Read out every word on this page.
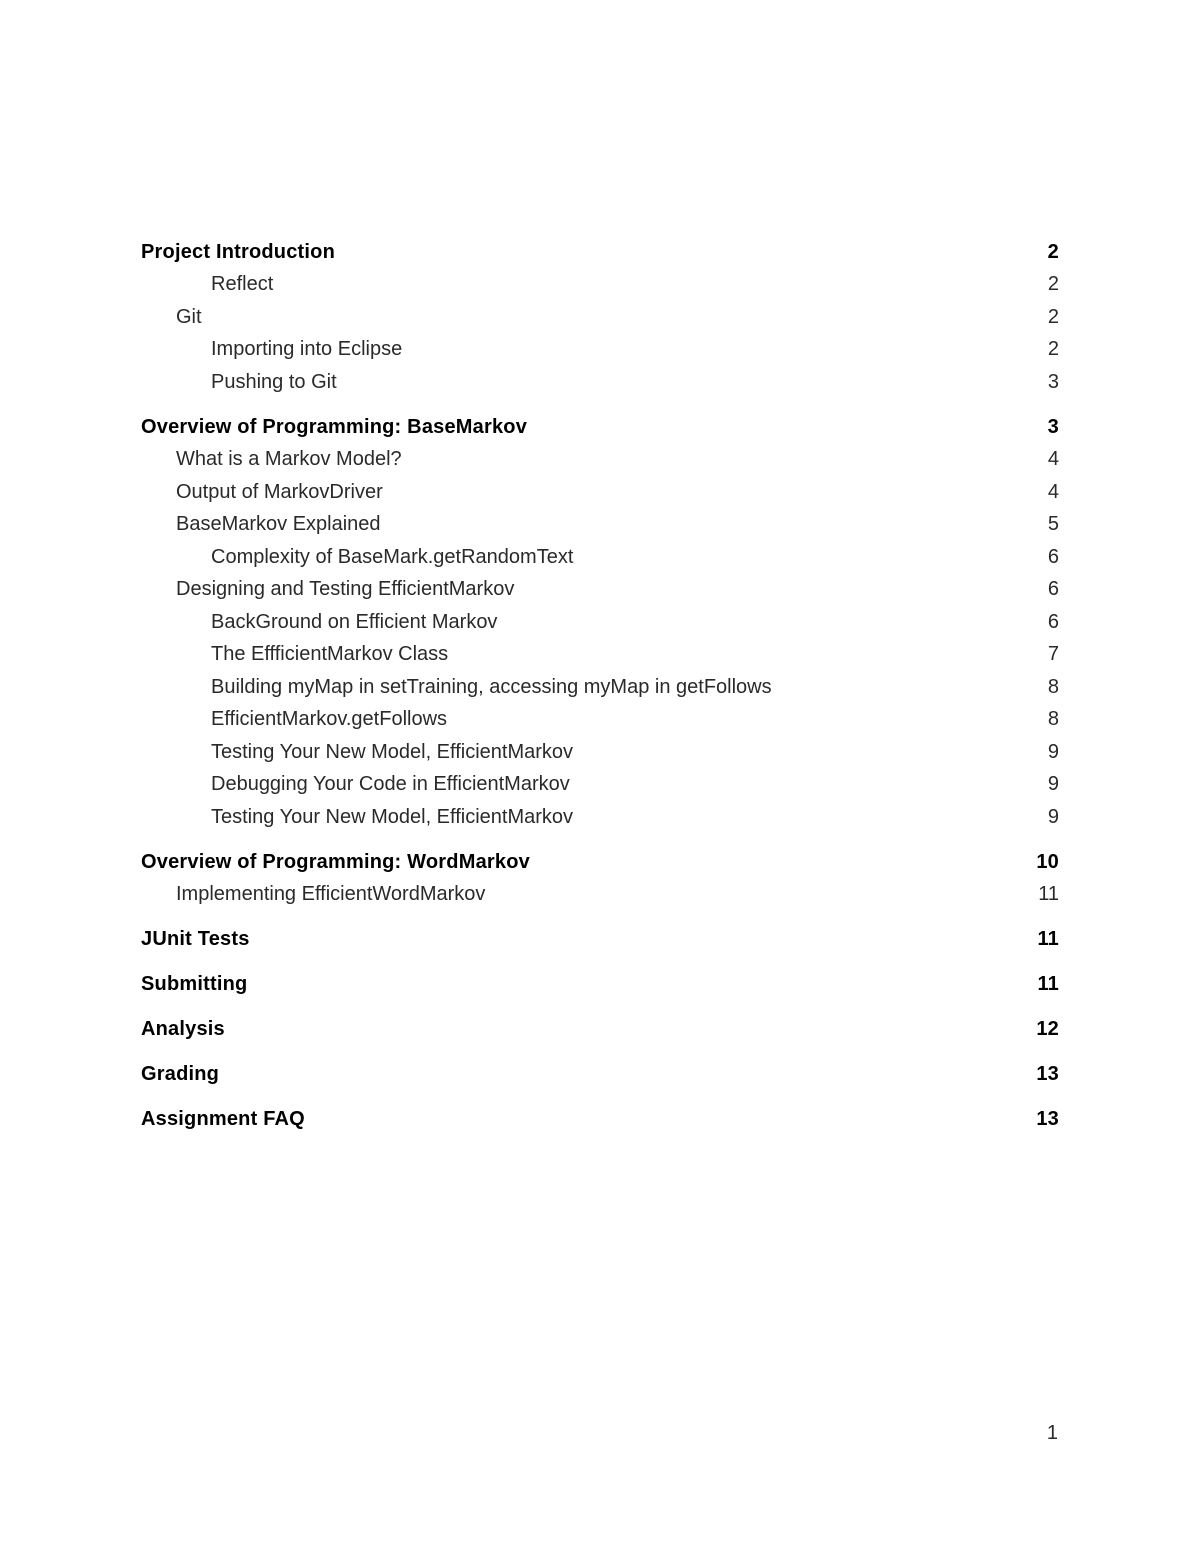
Project Introduction	2
Reflect	2
Git	2
Importing into Eclipse	2
Pushing to Git	3
Overview of Programming: BaseMarkov	3
What is a Markov Model?	4
Output of MarkovDriver	4
BaseMarkov Explained	5
Complexity of BaseMark.getRandomText	6
Designing and Testing EfficientMarkov	6
BackGround on Efficient Markov	6
The EffficientMarkov Class	7
Building myMap in setTraining, accessing myMap in getFollows	8
EfficientMarkov.getFollows	8
Testing Your New Model, EfficientMarkov	9
Debugging Your Code in EfficientMarkov	9
Testing Your New Model, EfficientMarkov	9
Overview of Programming: WordMarkov	10
Implementing EfficientWordMarkov	11
JUnit Tests	11
Submitting	11
Analysis	12
Grading	13
Assignment FAQ	13
1
